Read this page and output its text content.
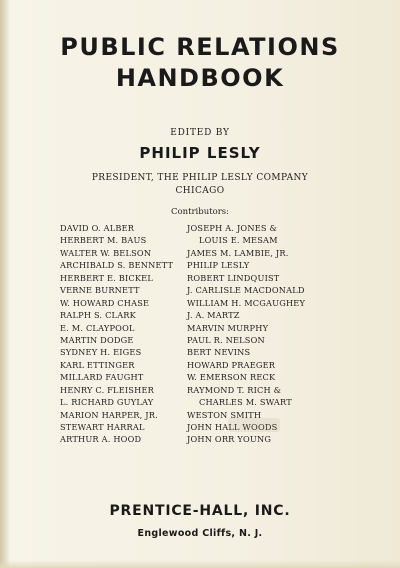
PUBLIC RELATIONS
HANDBOOK
EDITED BY
PHILIP LESLY
PRESIDENT, THE PHILIP LESLY COMPANY
CHICAGO
Contributors:
DAVID O. ALBER
HERBERT M. BAUS
WALTER W. BELSON
ARCHIBALD S. BENNETT
HERBERT E. BICKEL
VERNE BURNETT
W. HOWARD CHASE
RALPH S. CLARK
E. M. CLAYPOOL
MARTIN DODGE
SYDNEY H. EIGES
KARL ETTINGER
MILLARD FAUGHT
HENRY C. FLEISHER
L. RICHARD GUYLAY
MARION HARPER, JR.
STEWART HARRAL
ARTHUR A. HOOD
JOSEPH A. JONES &
LOUIS E. MESAM
JAMES M. LAMBIE, JR.
PHILIP LESLY
ROBERT LINDQUIST
J. CARLISLE MACDONALD
WILLIAM H. MCGAUGHEY
J. A. MARTZ
MARVIN MURPHY
PAUL R. NELSON
BERT NEVINS
HOWARD PRAEGER
W. EMERSON RECK
RAYMOND T. RICH &
CHARLES M. SWART
WESTON SMITH
JOHN HALL WOODS
JOHN ORR YOUNG
PRENTICE-HALL, INC.
Englewood Cliffs, N. J.
